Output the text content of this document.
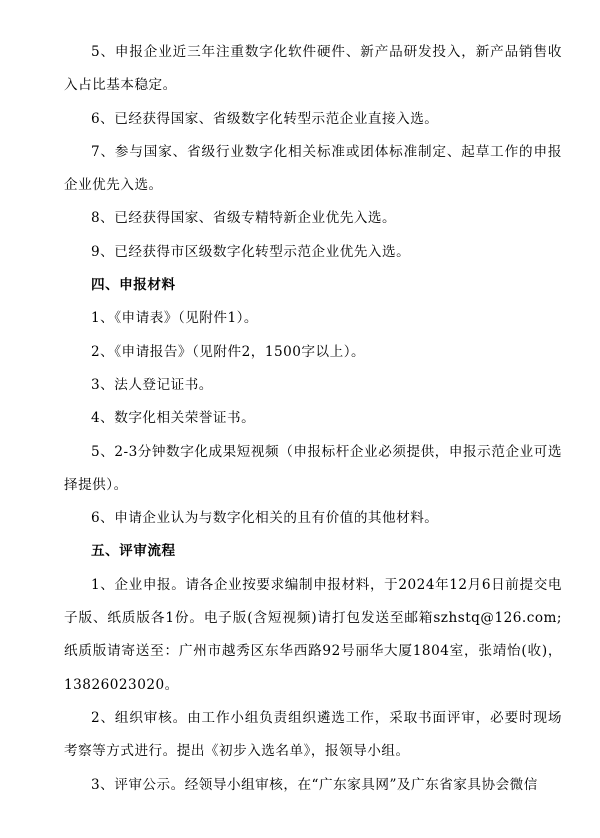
5、申报企业近三年注重数字化软件硬件、新产品研发投入，新产品销售收入占比基本稳定。

6、已经获得国家、省级数字化转型示范企业直接入选。

7、参与国家、省级行业数字化相关标准或团体标准制定、起草工作的申报企业优先入选。

8、已经获得国家、省级专精特新企业优先入选。

9、已经获得市区级数字化转型示范企业优先入选。

四、申报材料

1、《申请表》（见附件1）。

2、《申请报告》（见附件2，1500字以上）。

3、法人登记证书。

4、数字化相关荣誉证书。

5、2-3分钟数字化成果短视频（申报标杆企业必须提供，申报示范企业可选择提供）。

6、申请企业认为与数字化相关的且有价值的其他材料。

五、评审流程

1、企业申报。请各企业按要求编制申报材料，于2024年12月6日前提交电子版、纸质版各1份。电子版(含短视频)请打包发送至邮箱szhstq@126.com;纸质版请寄送至：广州市越秀区东华西路92号丽华大厦1804室，张靖怡(收)，13826023020。

2、组织审核。由工作小组负责组织遴选工作，采取书面评审，必要时现场考察等方式进行。提出《初步入选名单》，报领导小组。

3、评审公示。经领导小组审核，在“广东家具网”及广东省家具协会微信
